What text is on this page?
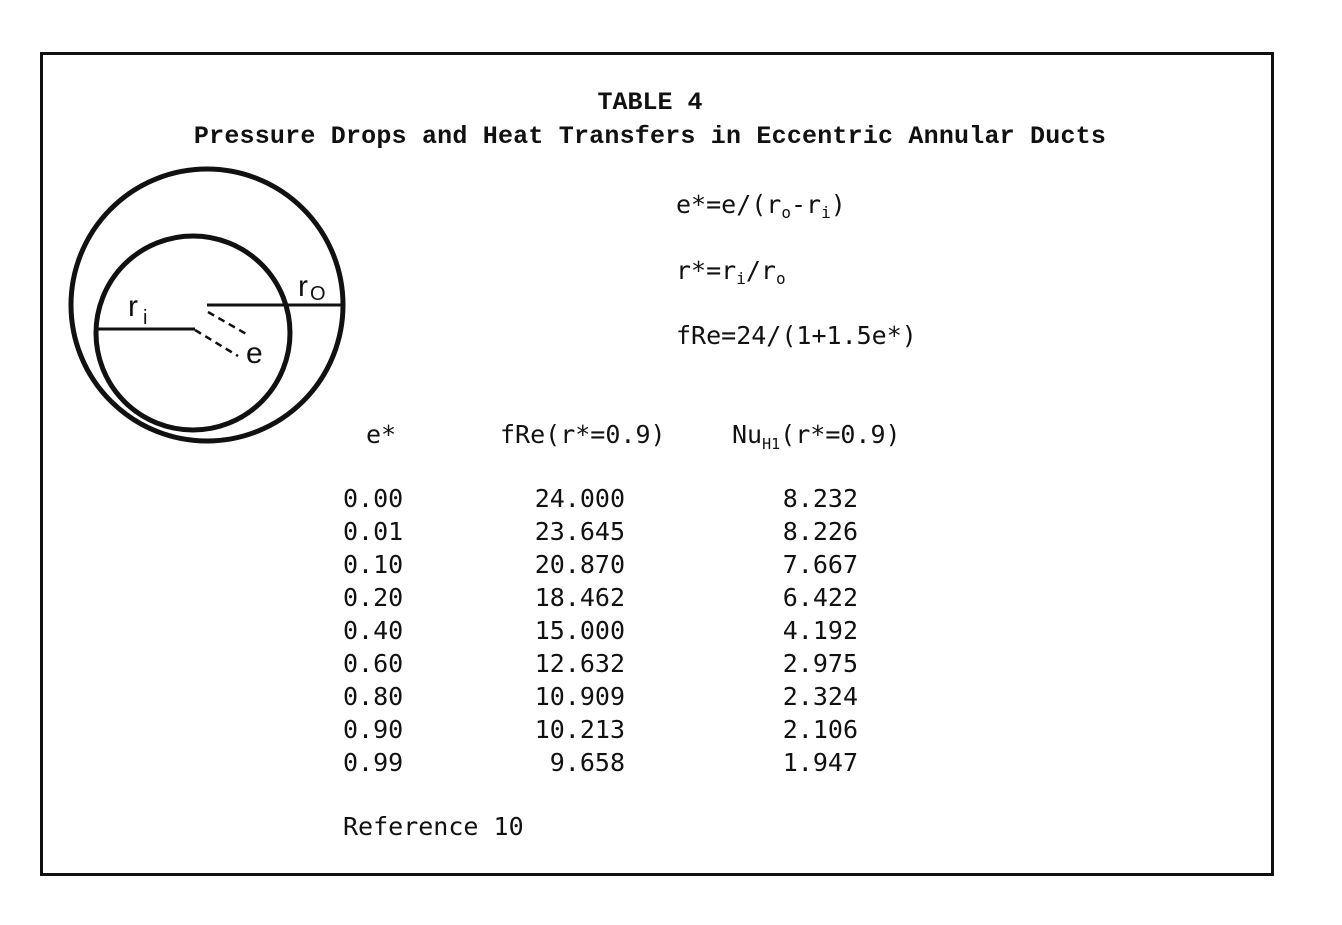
TABLE 4
Pressure Drops and Heat Transfers in Eccentric Annular Ducts
r i
r O
e
$e*=e/(r_o-r_i)$
$r*=r_i/r_o$
fRe=24/(1+1.5e*)
e*	fRe(r*=0.9)	$Nu_{H1}(r*=0.9)$
0.00	24.000	8.232
0.01	23.645	8.226
0.10	20.870	7.667
0.20	18.462	6.422
0.40	15.000	4.192
0.60	12.632	2.975
0.80	10.909	2.324
0.90	10.213	2.106
0.99	9.658	1.947
Reference 10
